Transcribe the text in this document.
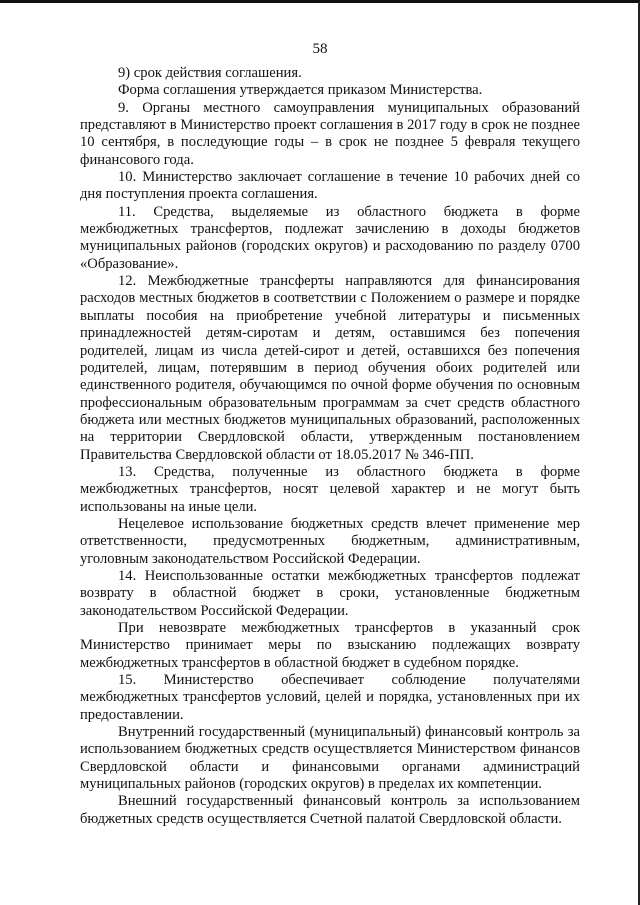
58

9) срок действия соглашения.

Форма соглашения утверждается приказом Министерства.

9. Органы местного самоуправления муниципальных образований представляют в Министерство проект соглашения в 2017 году в срок не позднее 10 сентября, в последующие годы – в срок не позднее 5 февраля текущего финансового года.

10. Министерство заключает соглашение в течение 10 рабочих дней со дня поступления проекта соглашения.

11. Средства, выделяемые из областного бюджета в форме межбюджетных трансфертов, подлежат зачислению в доходы бюджетов муниципальных районов (городских округов) и расходованию по разделу 0700 «Образование».

12. Межбюджетные трансферты направляются для финансирования расходов местных бюджетов в соответствии с Положением о размере и порядке выплаты пособия на приобретение учебной литературы и письменных принадлежностей детям-сиротам и детям, оставшимся без попечения родителей, лицам из числа детей-сирот и детей, оставшихся без попечения родителей, лицам, потерявшим в период обучения обоих родителей или единственного родителя, обучающимся по очной форме обучения по основным профессиональным образовательным программам за счет средств областного бюджета или местных бюджетов муниципальных образований, расположенных на территории Свердловской области, утвержденным постановлением Правительства Свердловской области от 18.05.2017 № 346-ПП.

13. Средства, полученные из областного бюджета в форме межбюджетных трансфертов, носят целевой характер и не могут быть использованы на иные цели.

Нецелевое использование бюджетных средств влечет применение мер ответственности, предусмотренных бюджетным, административным, уголовным законодательством Российской Федерации.

14. Неиспользованные остатки межбюджетных трансфертов подлежат возврату в областной бюджет в сроки, установленные бюджетным законодательством Российской Федерации.

При невозврате межбюджетных трансфертов в указанный срок Министерство принимает меры по взысканию подлежащих возврату межбюджетных трансфертов в областной бюджет в судебном порядке.

15. Министерство обеспечивает соблюдение получателями межбюджетных трансфертов условий, целей и порядка, установленных при их предоставлении.

Внутренний государственный (муниципальный) финансовый контроль за использованием бюджетных средств осуществляется Министерством финансов Свердловской области и финансовыми органами администраций муниципальных районов (городских округов) в пределах их компетенции.

Внешний государственный финансовый контроль за использованием бюджетных средств осуществляется Счетной палатой Свердловской области.
